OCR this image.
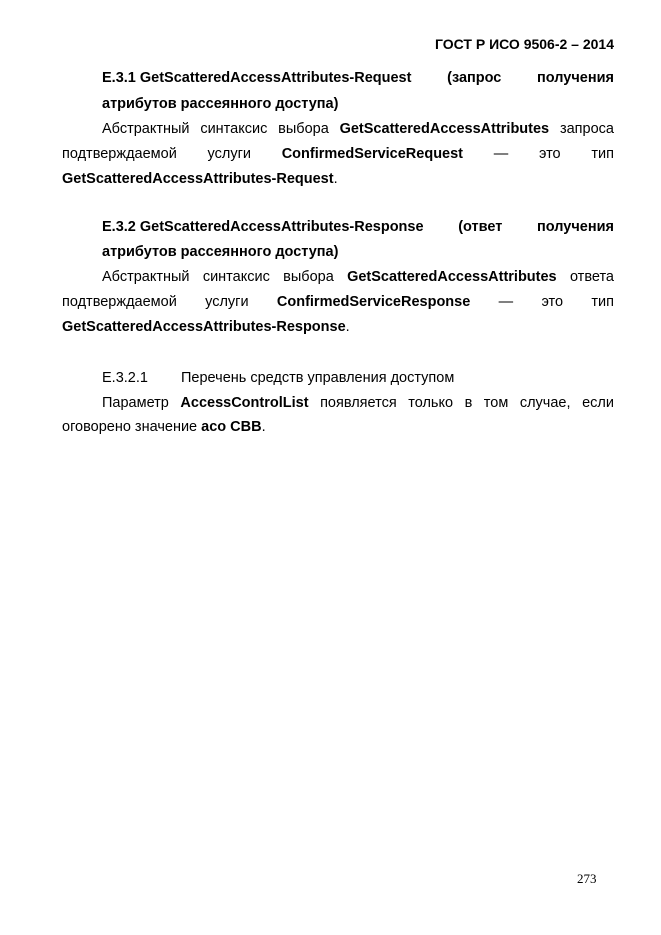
ГОСТ Р ИСО 9506-2 – 2014
E.3.1 GetScatteredAccessAttributes-Request (запрос получения
атрибутов рассеянного доступа)
Абстрактный синтаксис выбора GetScatteredAccessAttributes запроса
подтверждаемой услуги ConfirmedServiceRequest — это тип
GetScatteredAccessAttributes-Request.
E.3.2 GetScatteredAccessAttributes-Response (ответ получения
атрибутов рассеянного доступа)
Абстрактный синтаксис выбора GetScatteredAccessAttributes ответа
подтверждаемой услуги ConfirmedServiceResponse — это тип
GetScatteredAccessAttributes-Response.
E.3.2.1 Перечень средств управления доступом
Параметр AccessControlList появляется только в том случае, если
оговорено значение aco CBB.
273
